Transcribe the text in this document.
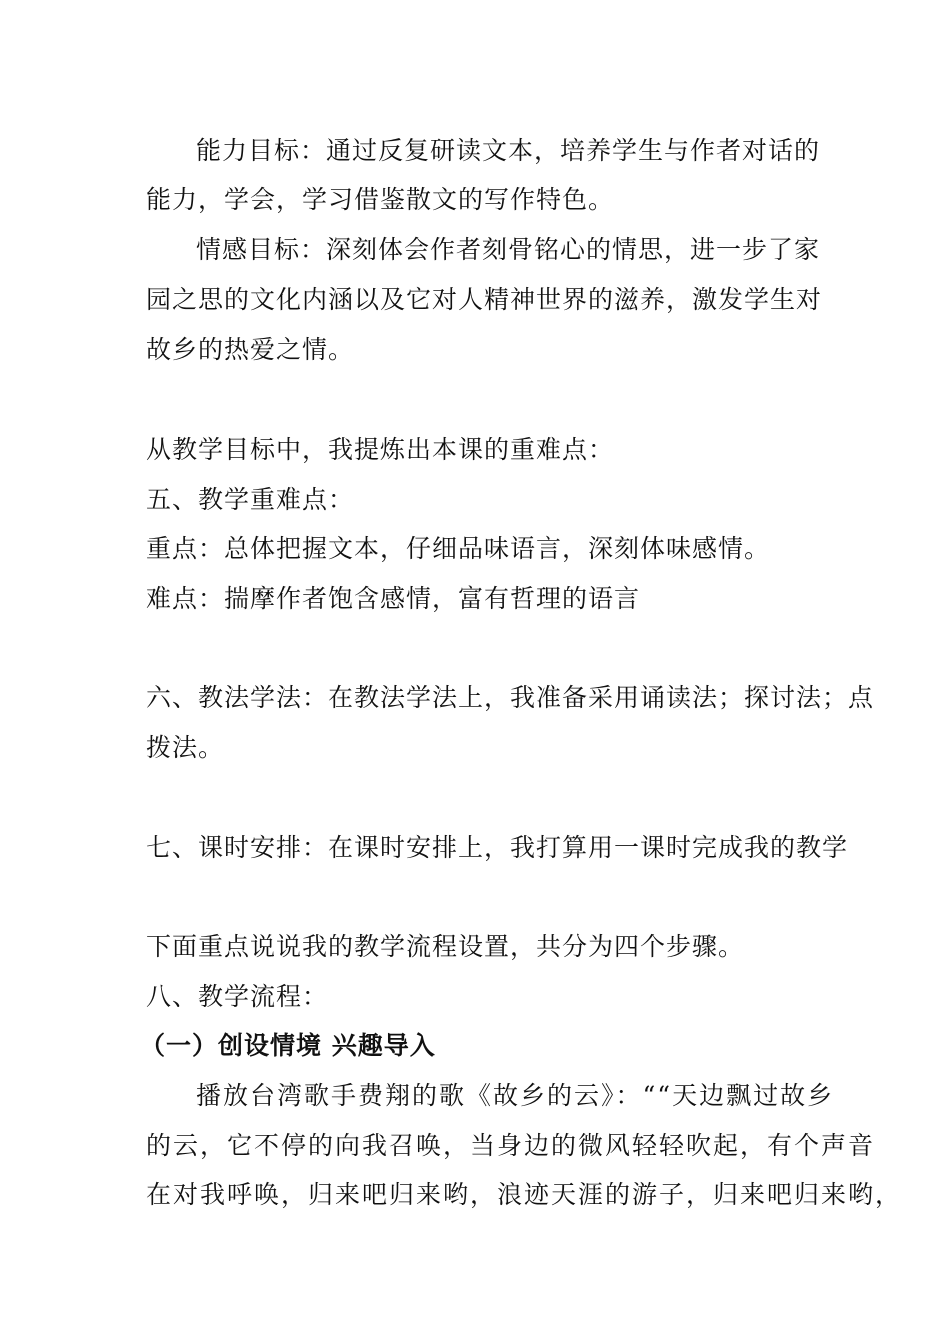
能力目标：通过反复研读文本，培养学生与作者对话的
能力，学会，学习借鉴散文的写作特色。
情感目标：深刻体会作者刻骨铭心的情思，进一步了家
园之思的文化内涵以及它对人精神世界的滋养，激发学生对
故乡的热爱之情。
从教学目标中，我提炼出本课的重难点：
五、教学重难点：
重点：总体把握文本，仔细品味语言，深刻体味感情。
难点：揣摩作者饱含感情，富有哲理的语言
六、教法学法：在教法学法上，我准备采用诵读法；探讨法；点
拨法。
七、课时安排：在课时安排上，我打算用一课时完成我的教学
下面重点说说我的教学流程设置，共分为四个步骤。
八、教学流程：
（一）创设情境 兴趣导入
播放台湾歌手费翔的歌《故乡的云》：““天边飘过故乡
的云，它不停的向我召唤，当身边的微风轻轻吹起，有个声音
在对我呼唤，归来吧归来哟，浪迹天涯的游子，归来吧归来哟，
